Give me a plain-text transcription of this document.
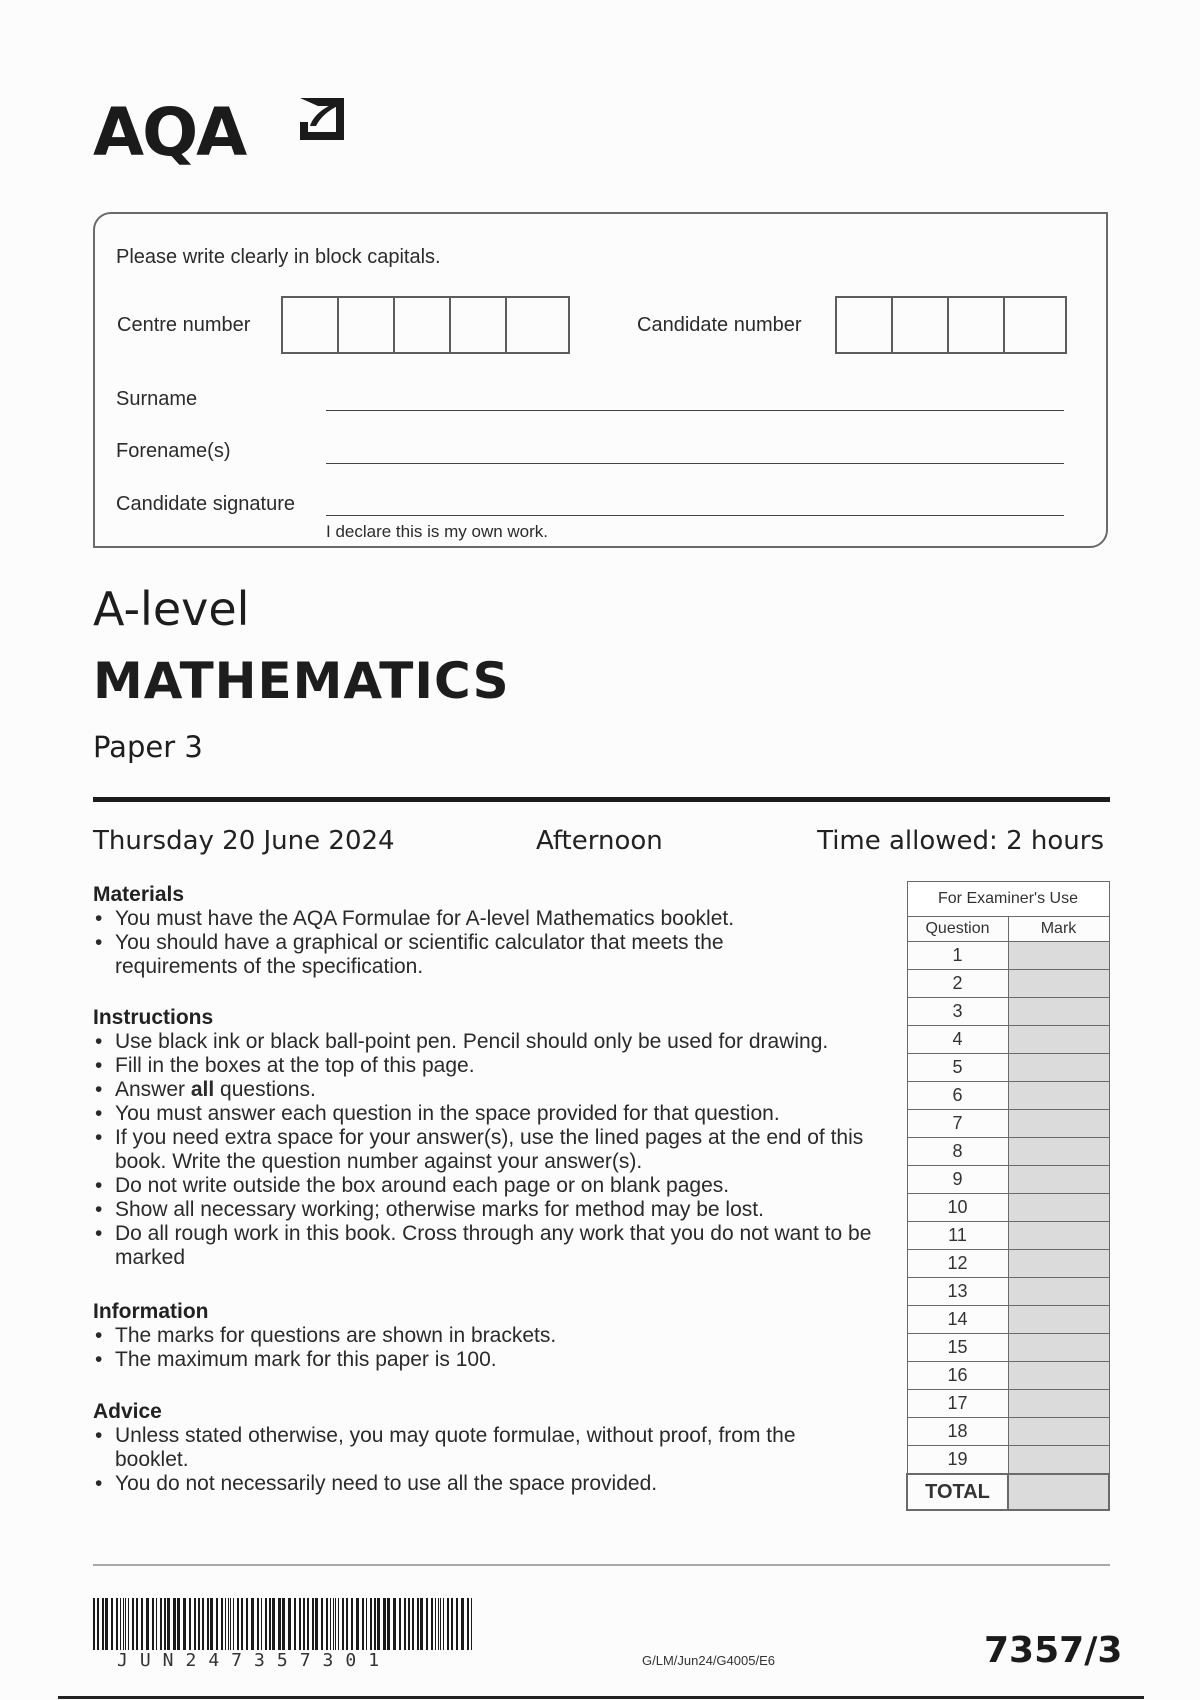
AQA
Please write clearly in block capitals.
Centre number	Candidate number
Surname
Forename(s)
Candidate signature
I declare this is my own work.
A-level
MATHEMATICS
Paper 3
Thursday 20 June 2024	Afternoon	Time allowed: 2 hours
Materials
• You must have the AQA Formulae for A-level Mathematics booklet.
• You should have a graphical or scientific calculator that meets the requirements of the specification.
Instructions
• Use black ink or black ball-point pen. Pencil should only be used for drawing.
• Fill in the boxes at the top of this page.
• Answer all questions.
• You must answer each question in the space provided for that question.
• If you need extra space for your answer(s), use the lined pages at the end of this book. Write the question number against your answer(s).
• Do not write outside the box around each page or on blank pages.
• Show all necessary working; otherwise marks for method may be lost.
• Do all rough work in this book. Cross through any work that you do not want to be marked
Information
• The marks for questions are shown in brackets.
• The maximum mark for this paper is 100.
Advice
• Unless stated otherwise, you may quote formulae, without proof, from the booklet.
• You do not necessarily need to use all the space provided.
For Examiner's Use	
Question	Mark
1	
2	
3	
4	
5	
6	
7	
8	
9	
10	
11	
12	
13	
14	
15	
16	
17	
18	
19	
TOTAL	
JUN247357301	G/LM/Jun24/G4005/E6	7357/3
